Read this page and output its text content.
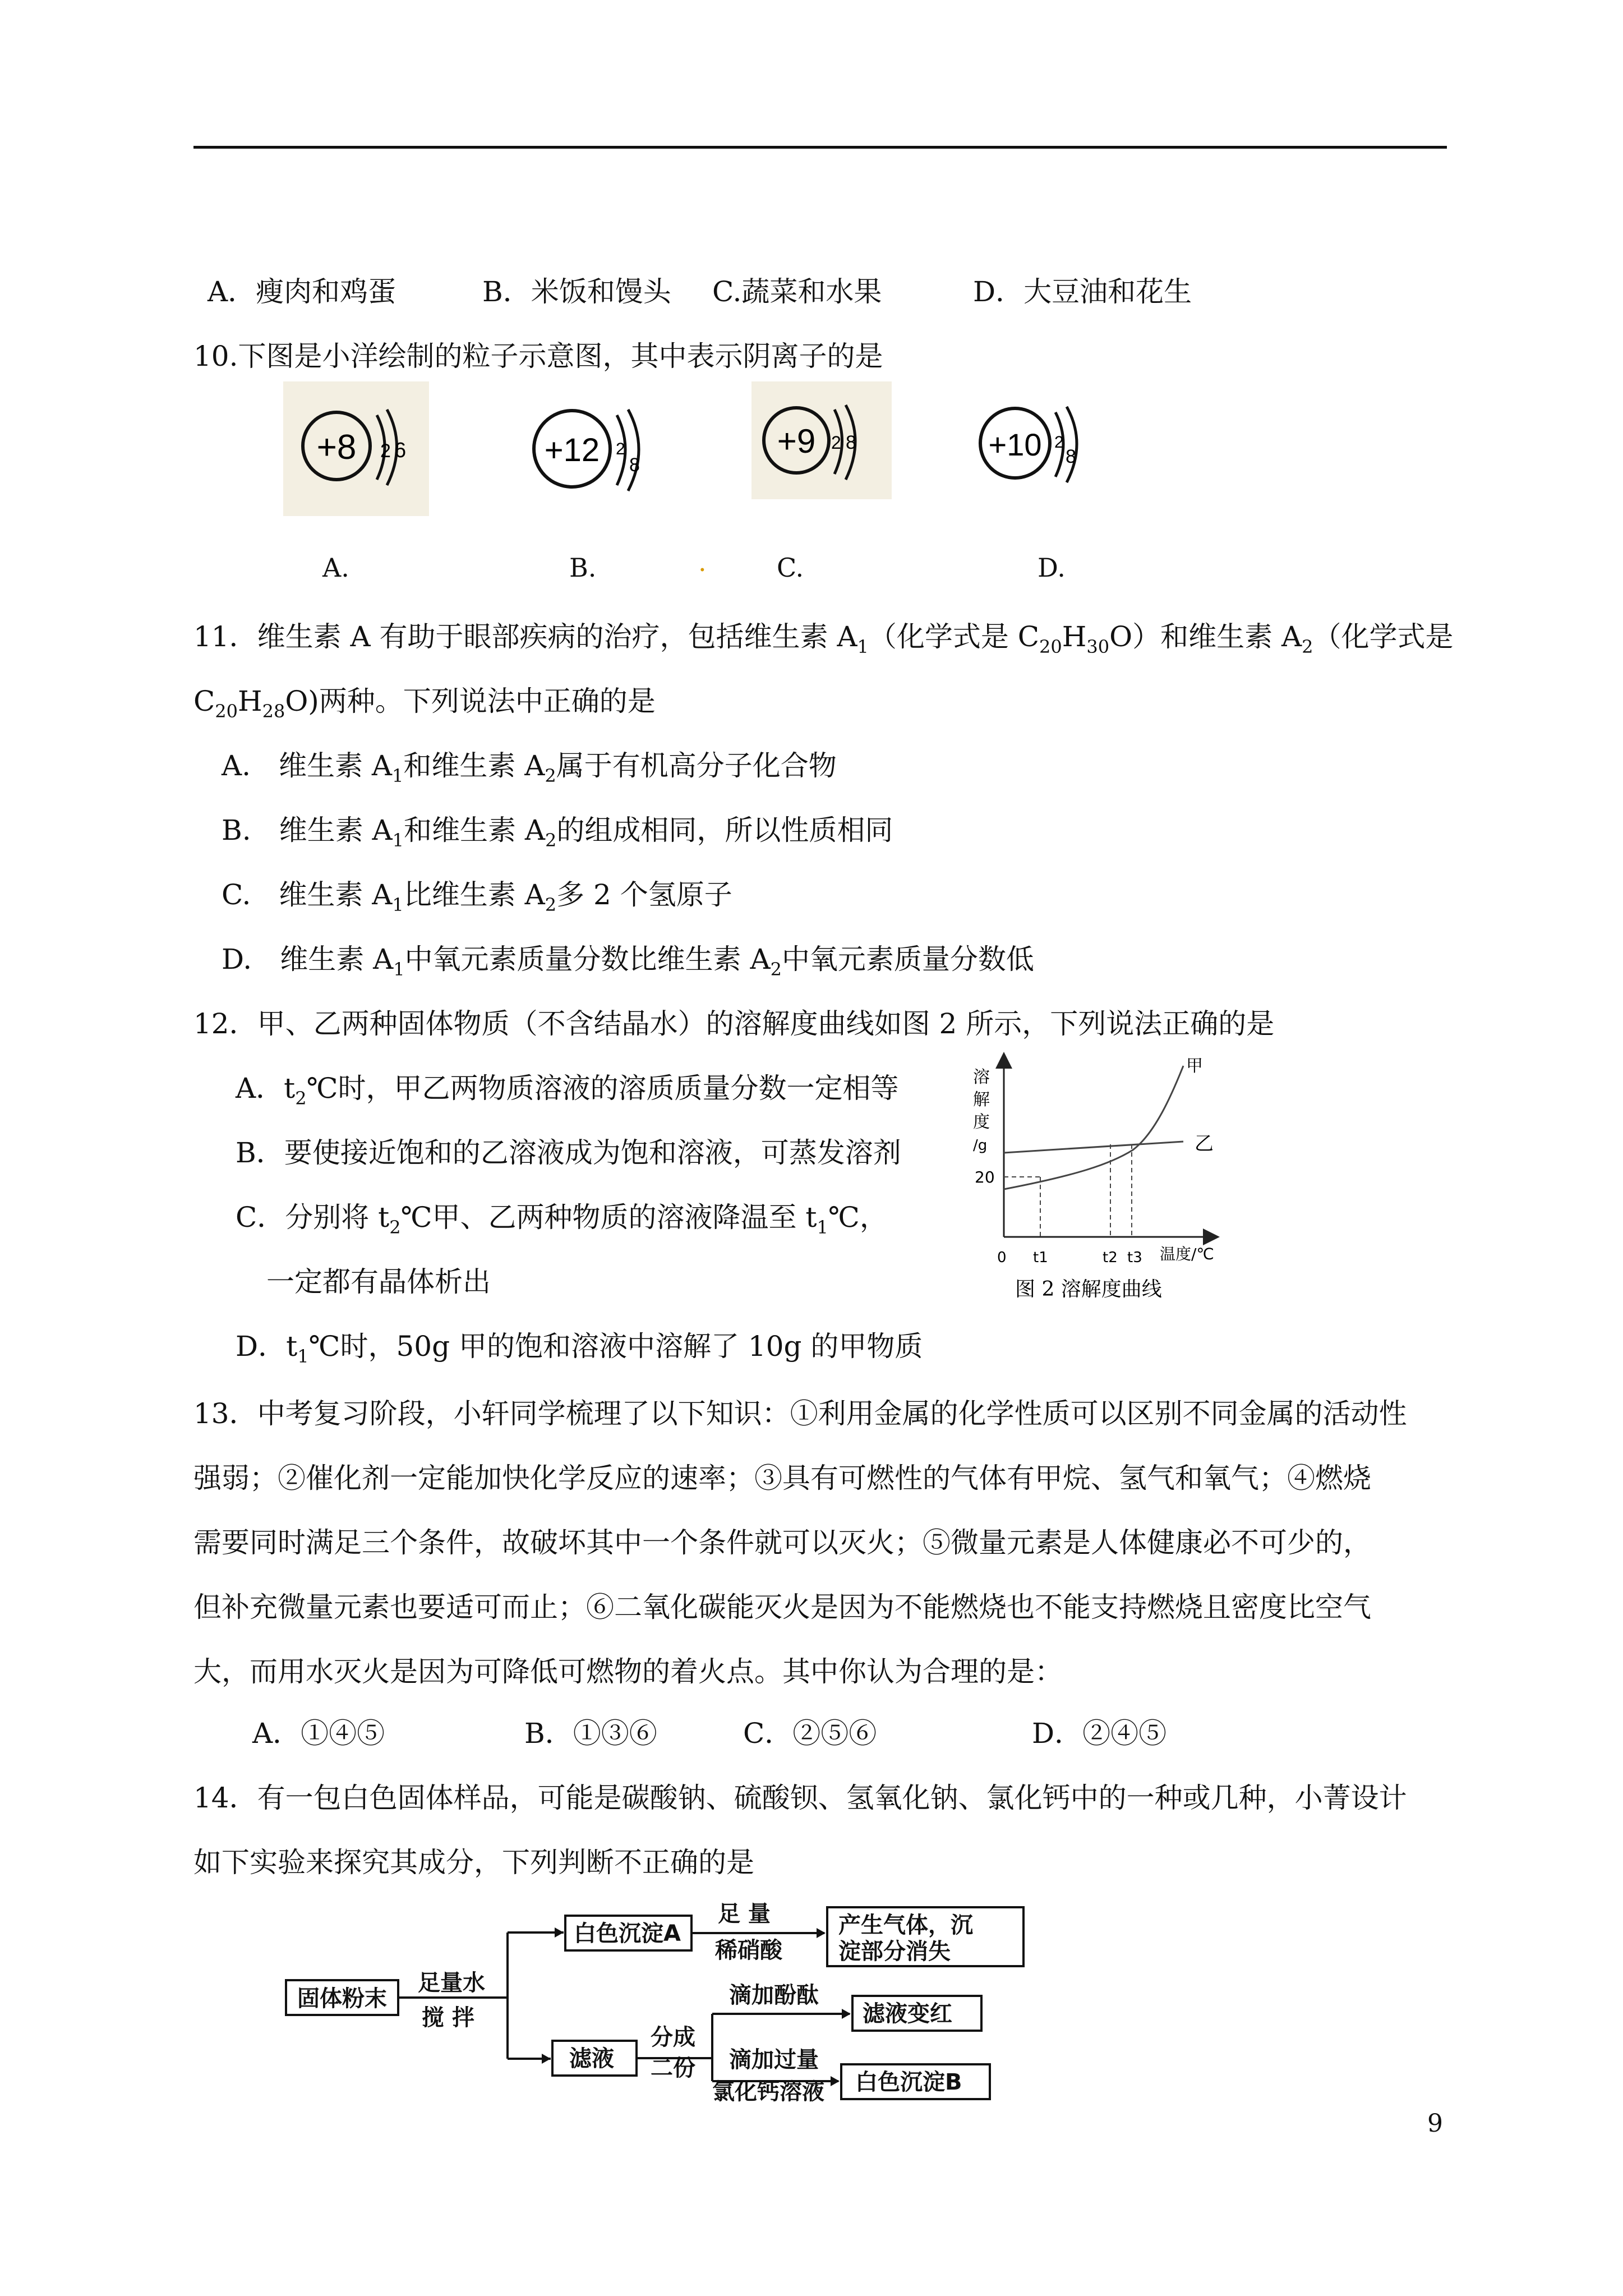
A．瘦肉和鸡蛋	B．米饭和馒头 C.蔬菜和水果	D．大豆油和花生
10.下图是小洋绘制的粒子示意图，其中表示阴离子的是
+8 2 6	+12 2
8
+9 2 8	+10 2
8
A.	B.	.	C.	D.
11．维生素 A 有助于眼部疾病的治疗，包括维生素 $A_1$（化学式是 $C_{20}H_{30}O$）和维生素 $A_2$（化学式是
$C_{20}H_{28}O$)两种。下列说法中正确的是
A.　维生素 $A_1$和维生素 $A_2$属于有机高分子化合物
B.　维生素 $A_1$和维生素 $A_2$的组成相同，所以性质相同
C.　维生素 $A_1$比维生素 $A_2$多 2 个氢原子
D.　维生素 $A_1$中氧元素质量分数比维生素 $A_2$中氧元素质量分数低
12．甲、乙两种固体物质（不含结晶水）的溶解度曲线如图 2 所示，下列说法正确的是
A．$t_2℃$时，甲乙两物质溶液的溶质质量分数一定相等
B．要使接近饱和的乙溶液成为饱和溶液，可蒸发溶剂
C．分别将 $t_2℃$甲、乙两种物质的溶液降温至 $t_1℃$，
一定都有晶体析出
D．$t_1℃$时，50g 甲的饱和溶液中溶解了 10g 的甲物质
溶
解
度
/g
20
乙
甲
0 t1	t2 t3 温度/℃
图 2 溶解度曲线
13．中考复习阶段，小轩同学梳理了以下知识：①利用金属的化学性质可以区别不同金属的活动性
强弱；②催化剂一定能加快化学反应的速率；③具有可燃性的气体有甲烷、氢气和氧气；④燃烧
需要同时满足三个条件，故破坏其中一个条件就可以灭火；⑤微量元素是人体健康必不可少的，
但补充微量元素也要适可而止；⑥二氧化碳能灭火是因为不能燃烧也不能支持燃烧且密度比空气
大，而用水灭火是因为可降低可燃物的着火点。其中你认为合理的是：
A．①④⑤	B．①③⑥	C．②⑤⑥	D．②④⑤
14．有一包白色固体样品，可能是碳酸钠、硫酸钡、氢氧化钠、氯化钙中的一种或几种，小菁设计
如下实验来探究其成分，下列判断不正确的是
固体粉末
足量水
搅 拌
白色沉淀A
足 量
稀硝酸
产生气体，沉
淀部分消失
滤液
分成
二份
滴加酚酞
滤液变红
滴加过量
氯化钙溶液 白色沉淀B
9
